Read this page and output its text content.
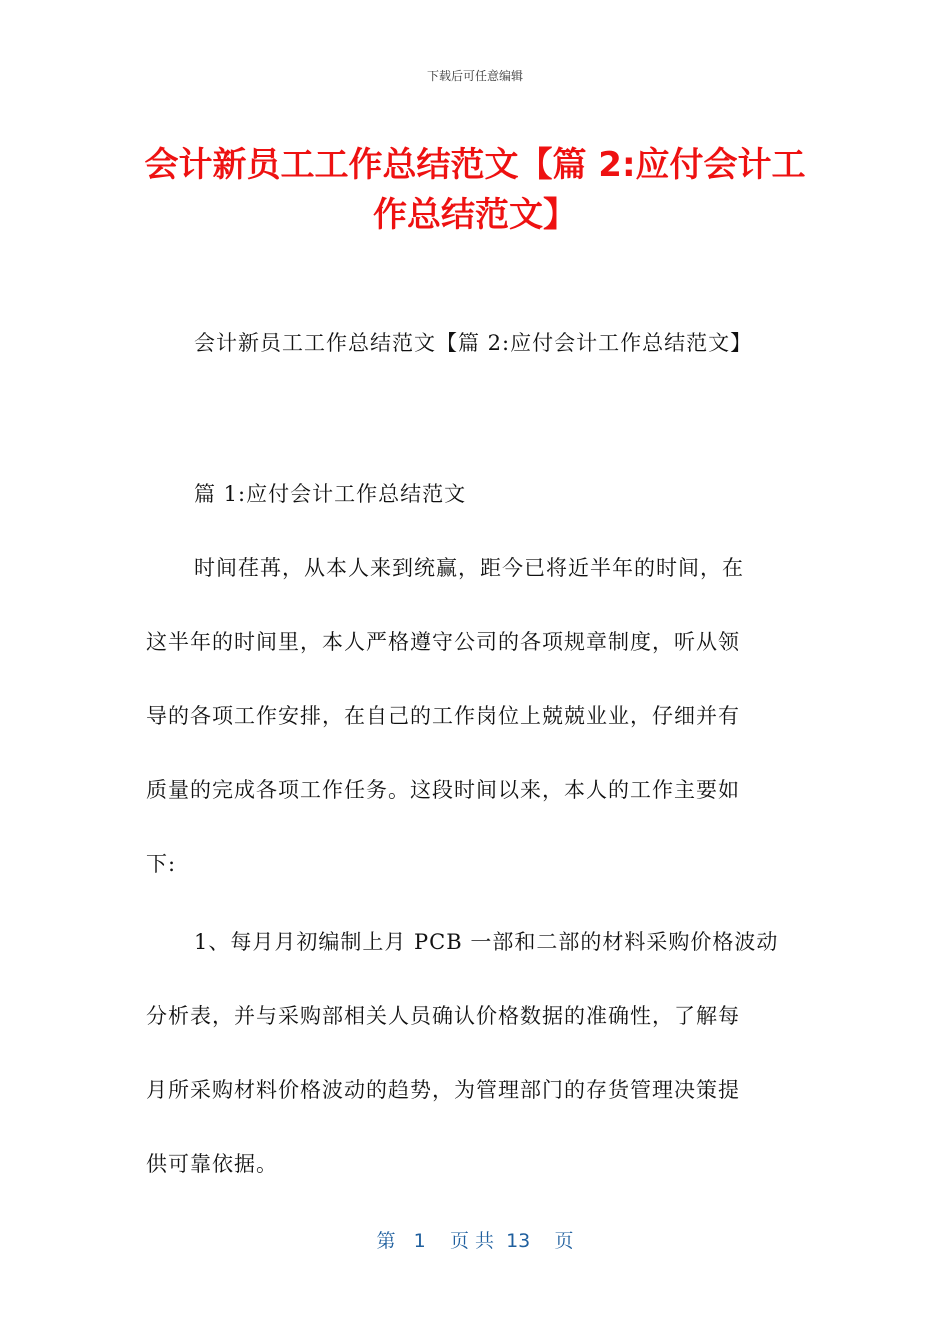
下载后可任意编辑
会计新员工工作总结范文【篇 2:应付会计工
作总结范文】
会计新员工工作总结范文【篇 2:应付会计工作总结范文】
篇 1:应付会计工作总结范文
时间荏苒，从本人来到统赢，距今已将近半年的时间，在
这半年的时间里，本人严格遵守公司的各项规章制度，听从领
导的各项工作安排，在自己的工作岗位上兢兢业业，仔细并有
质量的完成各项工作任务。这段时间以来，本人的工作主要如
下:
1、每月月初编制上月 PCB 一部和二部的材料采购价格波动
分析表，并与采购部相关人员确认价格数据的准确性，了解每
月所采购材料价格波动的趋势，为管理部门的存货管理决策提
供可靠依据。
第 1 页 共 13 页
